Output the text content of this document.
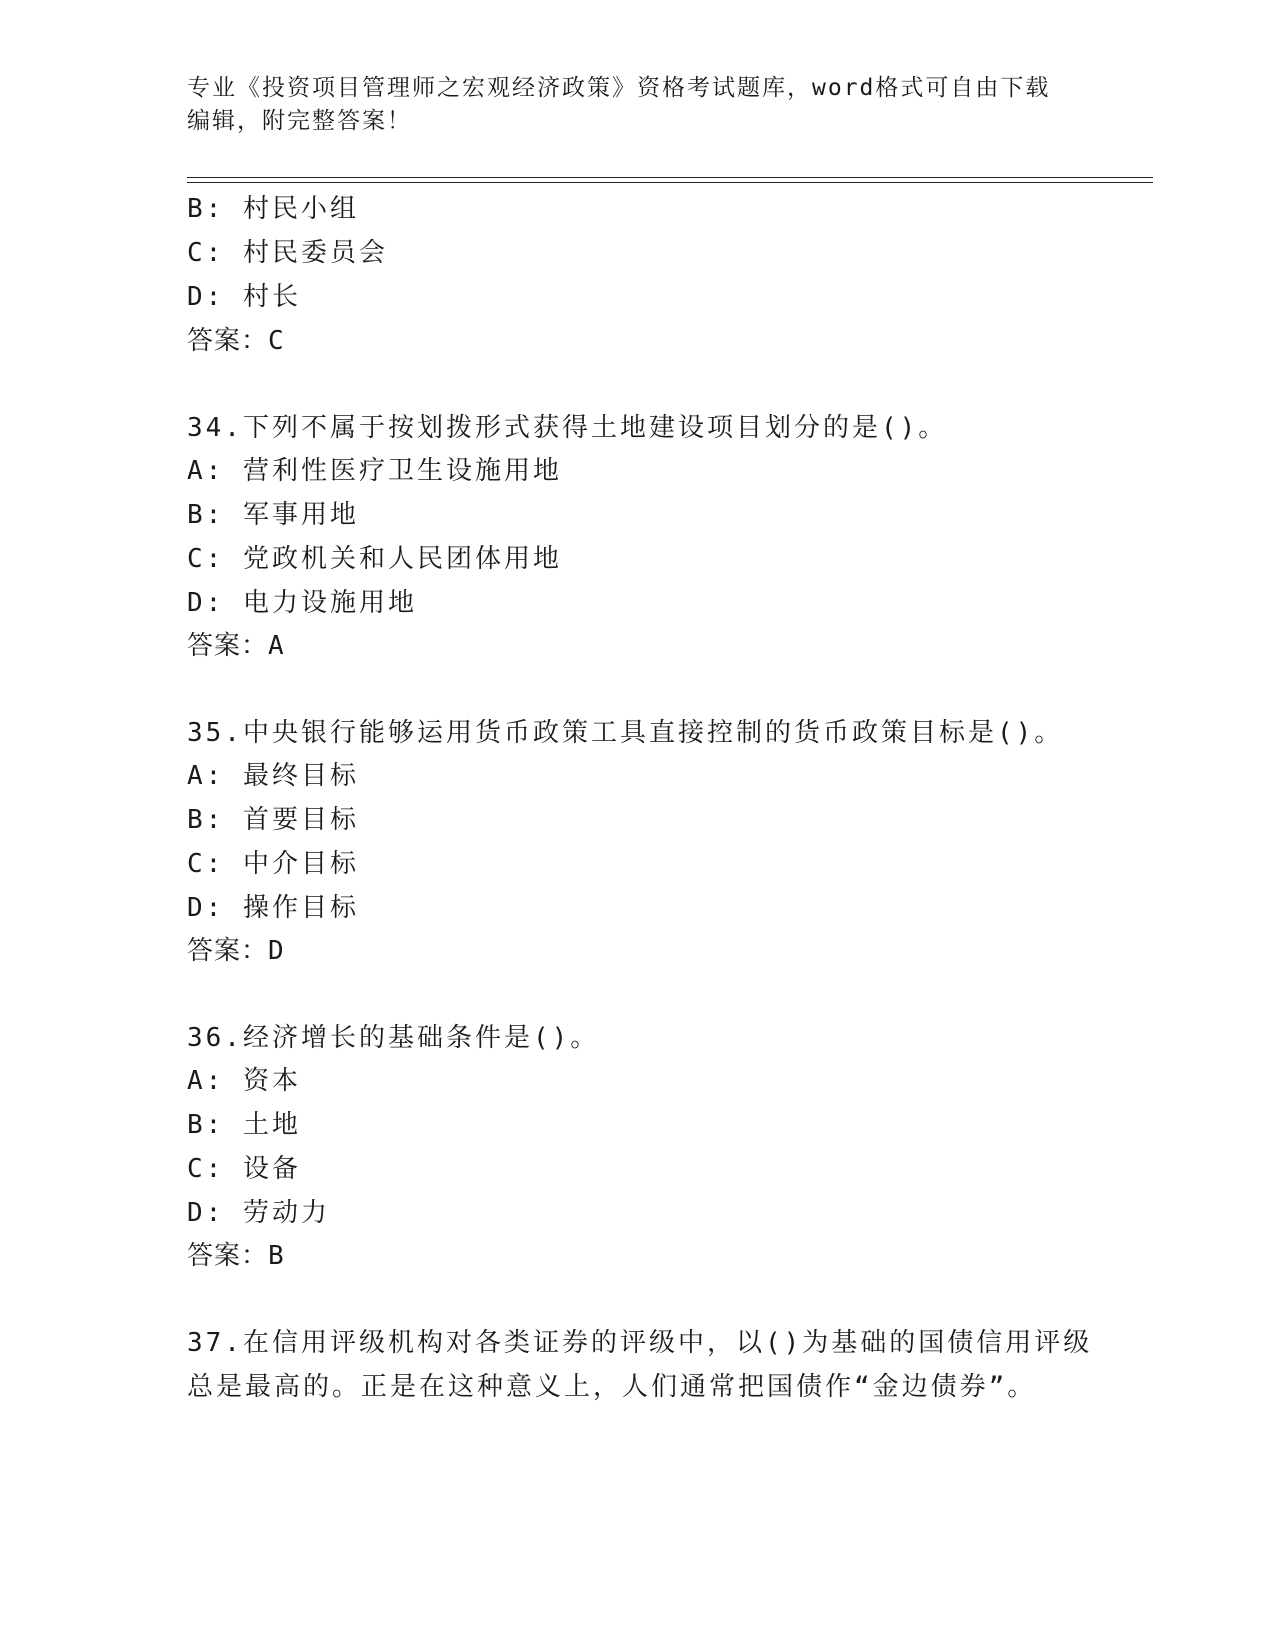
专业《投资项目管理师之宏观经济政策》资格考试题库，word格式可自由下载编辑，附完整答案！
B: 村民小组
C: 村民委员会
D: 村长
答案：C
34.下列不属于按划拨形式获得土地建设项目划分的是()。
A: 营利性医疗卫生设施用地
B: 军事用地
C: 党政机关和人民团体用地
D: 电力设施用地
答案：A
35.中央银行能够运用货币政策工具直接控制的货币政策目标是()。
A: 最终目标
B: 首要目标
C: 中介目标
D: 操作目标
答案：D
36.经济增长的基础条件是()。
A: 资本
B: 土地
C: 设备
D: 劳动力
答案：B
37.在信用评级机构对各类证券的评级中，以()为基础的国债信用评级
总是最高的。正是在这种意义上，人们通常把国债作“金边债券”。
